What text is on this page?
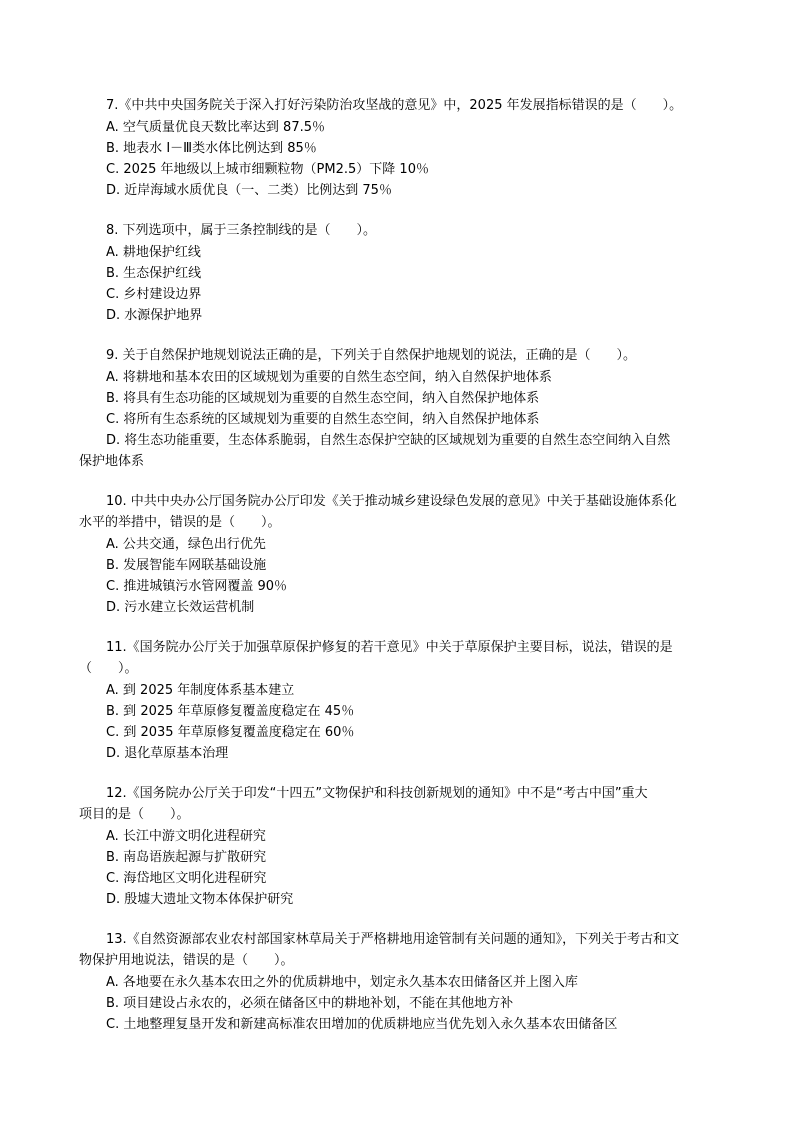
7.《中共中央国务院关于深入打好污染防治攻坚战的意见》中，2025 年发展指标错误的是（　　）。
A. 空气质量优良天数比率达到 87.5％
B. 地表水 Ⅰ－Ⅲ类水体比例达到 85％
C. 2025 年地级以上城市细颗粒物（PM2.5）下降 10％
D. 近岸海域水质优良（一、二类）比例达到 75％
8. 下列选项中，属于三条控制线的是（　　）。
A. 耕地保护红线
B. 生态保护红线
C. 乡村建设边界
D. 水源保护地界
9. 关于自然保护地规划说法正确的是，下列关于自然保护地规划的说法，正确的是（　　）。
A. 将耕地和基本农田的区域规划为重要的自然生态空间，纳入自然保护地体系
B. 将具有生态功能的区域规划为重要的自然生态空间，纳入自然保护地体系
C. 将所有生态系统的区域规划为重要的自然生态空间，纳入自然保护地体系
D. 将生态功能重要，生态体系脆弱，自然生态保护空缺的区域规划为重要的自然生态空间纳入自然
保护地体系
10. 中共中央办公厅国务院办公厅印发《关于推动城乡建设绿色发展的意见》中关于基础设施体系化
水平的举措中，错误的是（　　）。
A. 公共交通，绿色出行优先
B. 发展智能车网联基础设施
C. 推进城镇污水管网覆盖 90％
D. 污水建立长效运营机制
11.《国务院办公厅关于加强草原保护修复的若干意见》中关于草原保护主要目标，说法，错误的是
（　　）。
A. 到 2025 年制度体系基本建立
B. 到 2025 年草原修复覆盖度稳定在 45％
C. 到 2035 年草原修复覆盖度稳定在 60％
D. 退化草原基本治理
12.《国务院办公厅关于印发“十四五”文物保护和科技创新规划的通知》中不是“考古中国”重大
项目的是（　　）。
A. 长江中游文明化进程研究
B. 南岛语族起源与扩散研究
C. 海岱地区文明化进程研究
D. 殷墟大遗址文物本体保护研究
13.《自然资源部农业农村部国家林草局关于严格耕地用途管制有关问题的通知》，下列关于考古和文
物保护用地说法，错误的是（　　）。
A. 各地要在永久基本农田之外的优质耕地中，划定永久基本农田储备区并上图入库
B. 项目建设占永农的，必须在储备区中的耕地补划，不能在其他地方补
C. 土地整理复垦开发和新建高标准农田增加的优质耕地应当优先划入永久基本农田储备区
